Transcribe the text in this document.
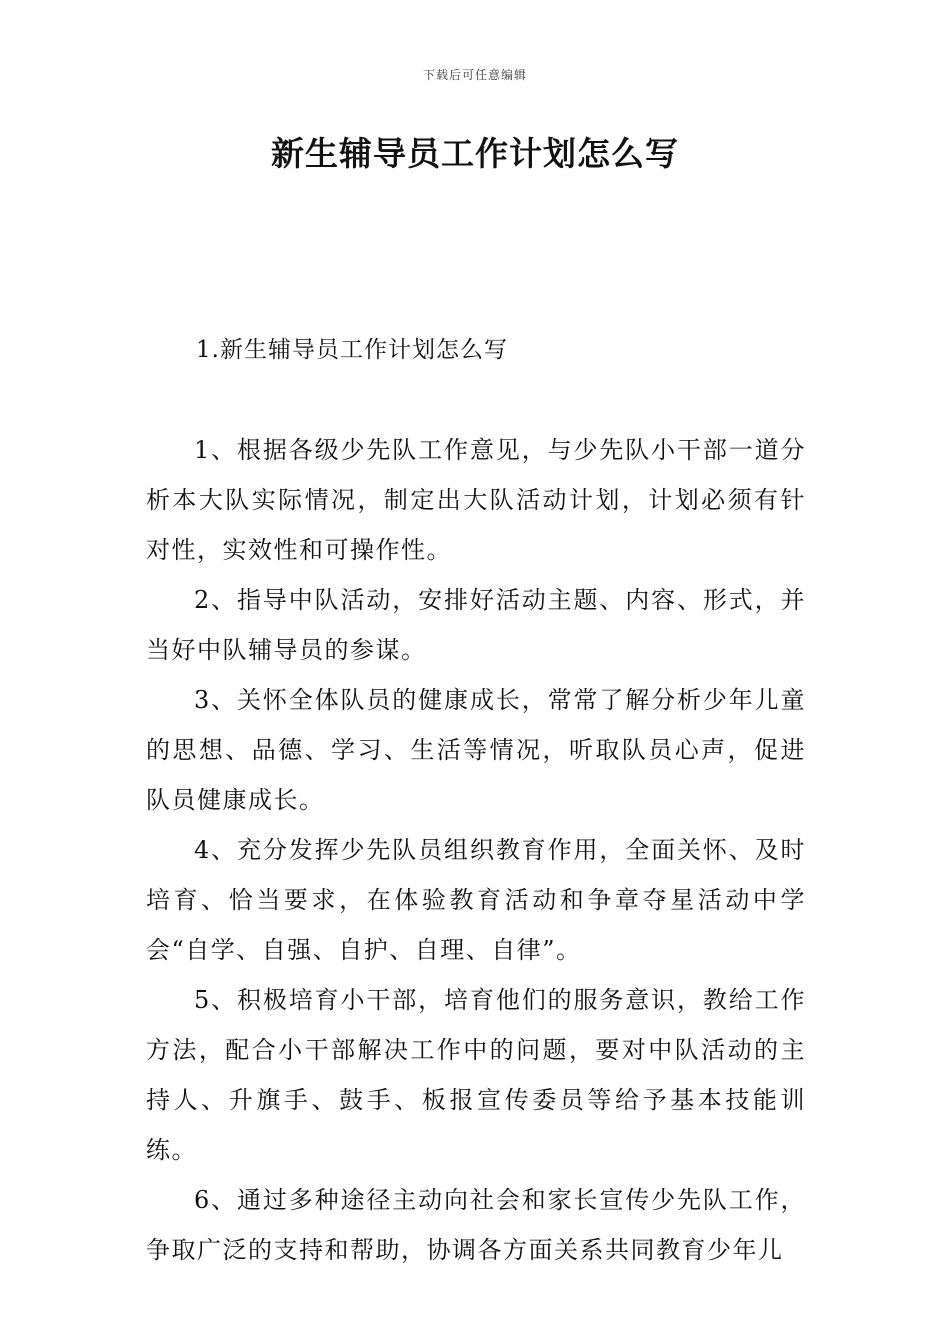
下载后可任意编辑
新生辅导员工作计划怎么写
1.新生辅导员工作计划怎么写

1、根据各级少先队工作意见，与少先队小干部一道分析本大队实际情况，制定出大队活动计划，计划必须有针对性，实效性和可操作性。

2、指导中队活动，安排好活动主题、内容、形式，并当好中队辅导员的参谋。

3、关怀全体队员的健康成长，常常了解分析少年儿童的思想、品德、学习、生活等情况，听取队员心声，促进队员健康成长。

4、充分发挥少先队员组织教育作用，全面关怀、及时培育、恰当要求，在体验教育活动和争章夺星活动中学会“自学、自强、自护、自理、自律”。

5、积极培育小干部，培育他们的服务意识，教给工作方法，配合小干部解决工作中的问题，要对中队活动的主持人、升旗手、鼓手、板报宣传委员等给予基本技能训练。

6、通过多种途径主动向社会和家长宣传少先队工作，争取广泛的支持和帮助，协调各方面关系共同教育少年儿
